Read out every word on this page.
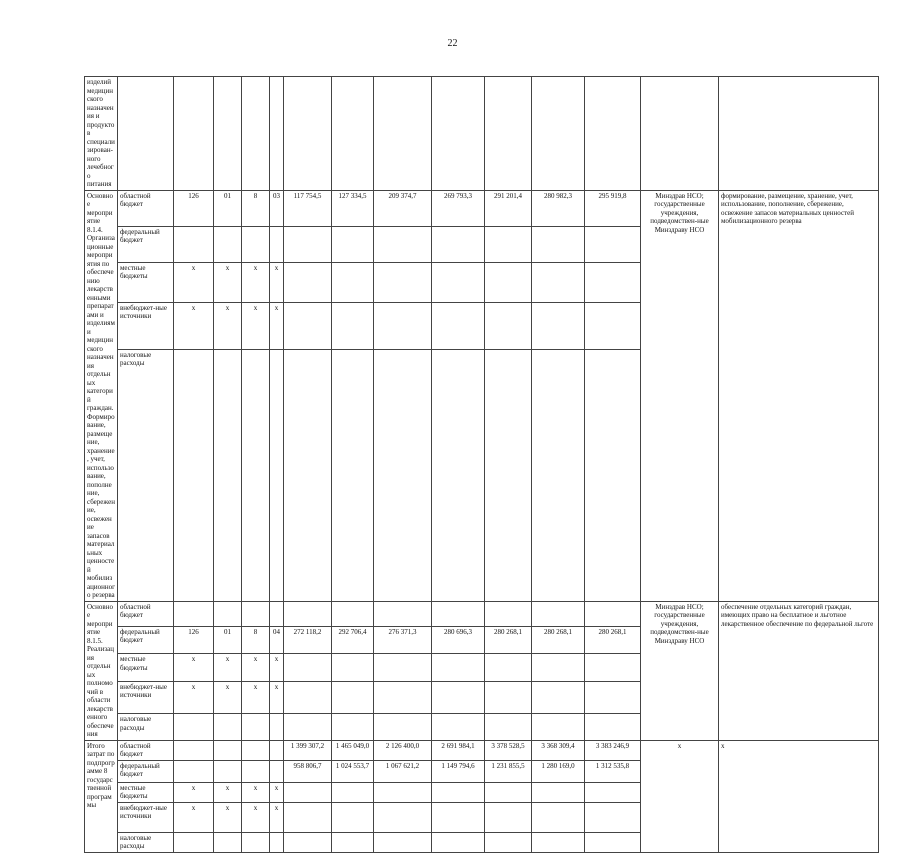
22
изделий медицинского назначения и продуктов специализирован-ного лечебного питания														
Основное мероприятие 8.1.4. Организационные мероприятия по обеспечению лекарственными препаратами и изделиями медицинского назначения отдельных категорий граждан. Формирование, размещение, хранение, учет, использование, пополнение, сбережение, освежение запасов материальных ценностей мобилизационного резерва	областной бюджет	126	01	8	03	117 754,5	127 334,5	209 374,7	269 793,3	291 201,4	280 982,3	295 919,8	Минздрав НСО; государственные учреждения, подведомствен-ные Минздраву НСО	формирование, размещение, хранение, учет, использование, пополнение, сбережение, освежение запасов материальных ценностей мобилизационного резерва
	федеральный бюджет													
	местные бюджеты	х	х	х	х									
	внебюджет-ные источники	х	х	х	х									
	налоговые расходы													
Основное мероприятие 8.1.5. Реализация отдельных полномочий в области лекарственного обеспечения	областной бюджет												Минздрав НСО; государственные учреждения, подведомствен-ные Минздраву НСО	обеспечение отдельных категорий граждан, имеющих право на бесплатное и льготное лекарственное обеспечение по федеральной льготе
	федеральный бюджет	126	01	8	04	272 118,2	292 706,4	276 371,3	280 696,3	280 268,1	280 268,1	280 268,1		
	местные бюджеты	х	х	х	х									
	внебюджет-ные источники	х	х	х	х									
	налоговые расходы													
Итого затрат по подпрограмме 8 государственной программы	областной бюджет					1 399 307,2	1 465 049,0	2 126 400,0	2 691 984,1	3 378 528,5	3 368 309,4	3 383 246,9	х	х
	федеральный бюджет					958 806,7	1 024 553,7	1 067 621,2	1 149 794,6	1 231 855,5	1 280 169,0	1 312 535,8		
	местные бюджеты	х	х	х	х									
	внебюджет-ные источники	х	х	х	х									
	налоговые расходы													
